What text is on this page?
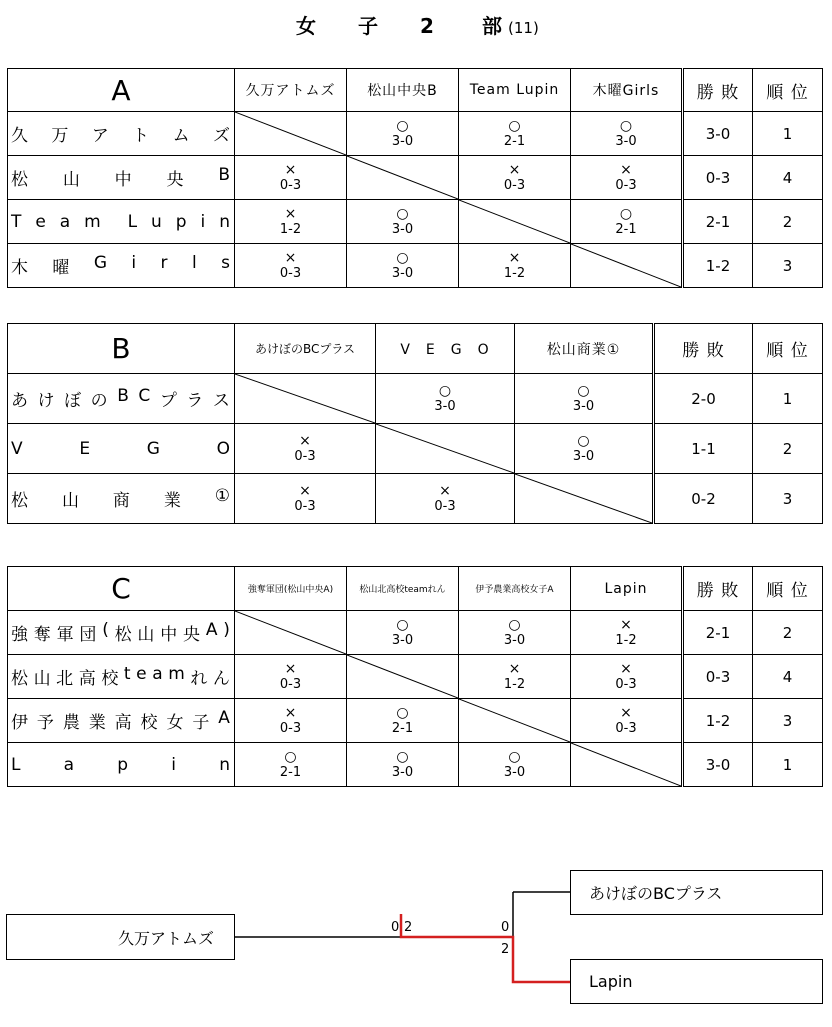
女 子 2 部 (11)
A	久万アトムズ	松山中央B	Team Lupin	木曜Girls	勝 敗	順 位

久 万 ア ト ム ズ

○
3-0

○
2-1

○
3-0	3-0	1

松 山 中 央 B	×
0-3

×
0-3

×
0-3	0-3	4

T e a m L u p i n	×
1-2

○
3-0

○
2-1	2-1	2

木 曜 G i r l s	×
0-3

○
3-0

×
1-2		1-2	3
B	あけぼのBCプラス	V　E　G　O	松山商業①	勝 敗	順 位

あ け ぼ の B C プ ラ ス

○
3-0

○
3-0	2-0	1

V	E	G	O	×
0-3

○
3-0	1-1	2

松 山 商 業 ①	×
0-3

×
0-3		0-2	3
C	強奪軍団(松山中央A)	松山北高校teamれん	伊予農業高校女子A	Lapin	勝 敗	順 位

強 奪 軍 団 ( 松 山 中 央 A )		○
3-0

○
3-0

×
1-2	2-1	2

松 山 北 高 校 t e a m れ ん

×
0-3

×
1-2

×
0-3	0-3	4

伊 予 農 業 高 校 女 子 A	×
0-3

○
2-1

×
0-3	1-2	3

L a p i n	○
2-1

○
3-0

○
3-0		3-0	1
久万アトムズ
あけぼのBCプラス
Lapin
0 2	0
2
